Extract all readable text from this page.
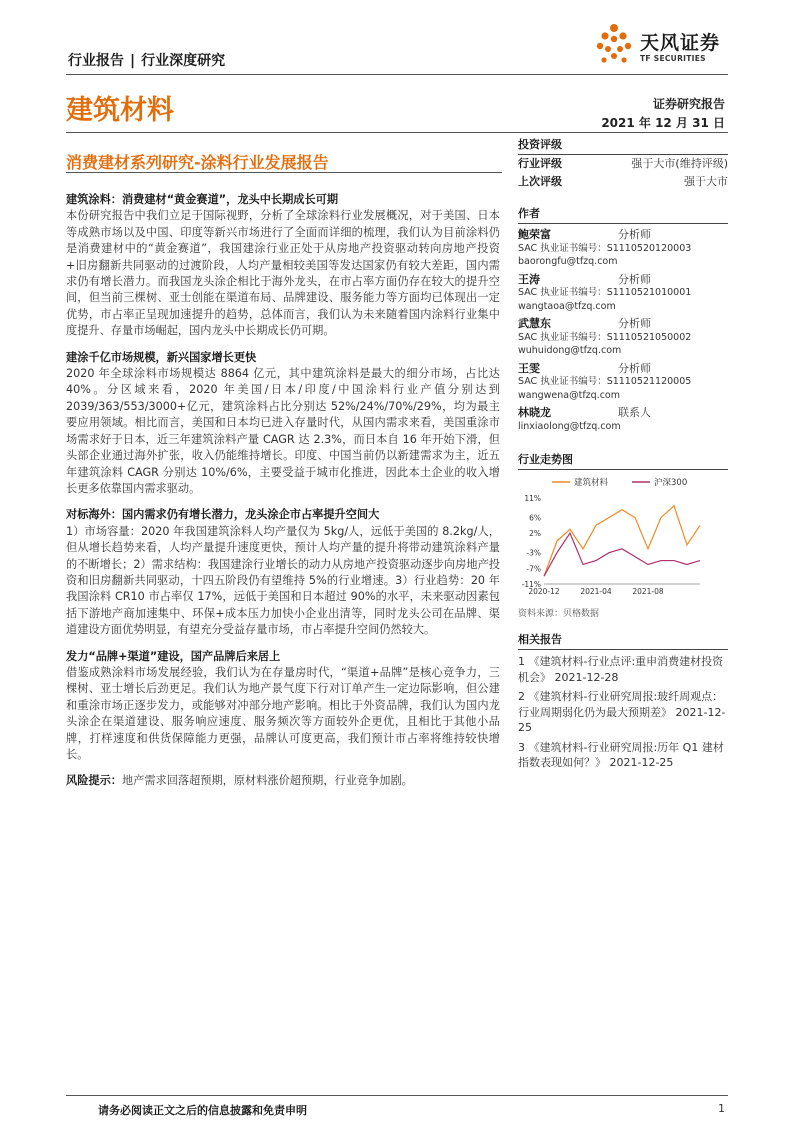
行业报告 | 行业深度研究
天风证券
TF SECURITIES
建筑材料	证券研究报告
2021 年 12 月 31 日
消费建材系列研究-涂料行业发展报告
建筑涂料：消费建材“黄金赛道”，龙头中长期成长可期

本份研究报告中我们立足于国际视野，分析了全球涂料行业发展概况，对于美国、日本等成熟市场以及中国、印度等新兴市场进行了全面而详细的梳理，我们认为目前涂料仍是消费建材中的“黄金赛道”，我国建涂行业正处于从房地产投资驱动转向房地产投资+旧房翻新共同驱动的过渡阶段，人均产量相较美国等发达国家仍有较大差距，国内需求仍有增长潜力。而我国龙头涂企相比于海外龙头，在市占率方面仍存在较大的提升空间，但当前三棵树、亚士创能在渠道布局、品牌建设、服务能力等方面均已体现出一定优势，市占率正呈现加速提升的趋势，总体而言，我们认为未来随着国内涂料行业集中度提升、存量市场崛起，国内龙头中长期成长仍可期。

建涂千亿市场规模，新兴国家增长更快

2020 年全球涂料市场规模达 8864 亿元，其中建筑涂料是最大的细分市场，占比达 40%。分区域来看，2020 年美国/日本/印度/中国涂料行业产值分别达到 2039/363/553/3000+亿元，建筑涂料占比分别达 52%/24%/70%/29%，均为最主要应用领域。相比而言，美国和日本均已进入存量时代，从国内需求来看，美国重涂市场需求好于日本，近三年建筑涂料产量 CAGR 达 2.3%，而日本自 16 年开始下滑，但头部企业通过海外扩张，收入仍能维持增长。印度、中国当前仍以新建需求为主，近五年建筑涂料 CAGR 分别达 10%/6%，主要受益于城市化推进，因此本土企业的收入增长更多依靠国内需求驱动。

对标海外：国内需求仍有增长潜力，龙头涂企市占率提升空间大

1）市场容量：2020 年我国建筑涂料人均产量仅为 5kg/人，远低于美国的 8.2kg/人，但从增长趋势来看，人均产量提升速度更快，预计人均产量的提升将带动建筑涂料产量的不断增长；2）需求结构：我国建涂行业增长的动力从房地产投资驱动逐步向房地产投资和旧房翻新共同驱动，十四五阶段仍有望维持 5%的行业增速。3）行业趋势：20 年我国涂料 CR10 市占率仅 17%，远低于美国和日本超过 90%的水平，未来驱动因素包括下游地产商加速集中、环保+成本压力加快小企业出清等，同时龙头公司在品牌、渠道建设方面优势明显，有望充分受益存量市场，市占率提升空间仍然较大。

发力“品牌+渠道”建设，国产品牌后来居上

借鉴成熟涂料市场发展经验，我们认为在存量房时代，“渠道+品牌”是核心竞争力，三棵树、亚士增长后劲更足。我们认为地产景气度下行对订单产生一定边际影响，但公建和重涂市场正逐步发力，或能够对冲部分地产影响。相比于外资品牌，我们认为国内龙头涂企在渠道建设、服务响应速度、服务频次等方面较外企更优，且相比于其他小品牌，打样速度和供货保障能力更强，品牌认可度更高，我们预计市占率将维持较快增长。

风险提示：地产需求回落超预期，原材料涨价超预期，行业竞争加剧。

投资评级
行业评级	强于大市(维持评级)
上次评级	强于大市
作者
鲍荣富	分析师
SAC 执业证书编号：S1110520120003
baorongfu@tfzq.com
王涛	分析师
SAC 执业证书编号：S1110521010001
wangtaoa@tfzq.com
武慧东	分析师
SAC 执业证书编号：S1110521050002
wuhuidong@tfzq.com
王雯	分析师
SAC 执业证书编号：S1110521120005
wangwena@tfzq.com
林晓龙	联系人
linxiaolong@tfzq.com
行业走势图
建筑材料	沪深300
11%
6%
2%
-3%
-7%
-11%
2020-12	2021-04	2021-08
资料来源：贝格数据
相关报告
1 《建筑材料-行业点评:重申消费建材投资机会》 2021-12-28
2 《建筑材料-行业研究周报:玻纤周观点：行业周期弱化仍为最大预期差》 2021-12-25
3 《建筑材料-行业研究周报:历年 Q1 建材指数表现如何？》 2021-12-25
请务必阅读正文之后的信息披露和免责申明	1
